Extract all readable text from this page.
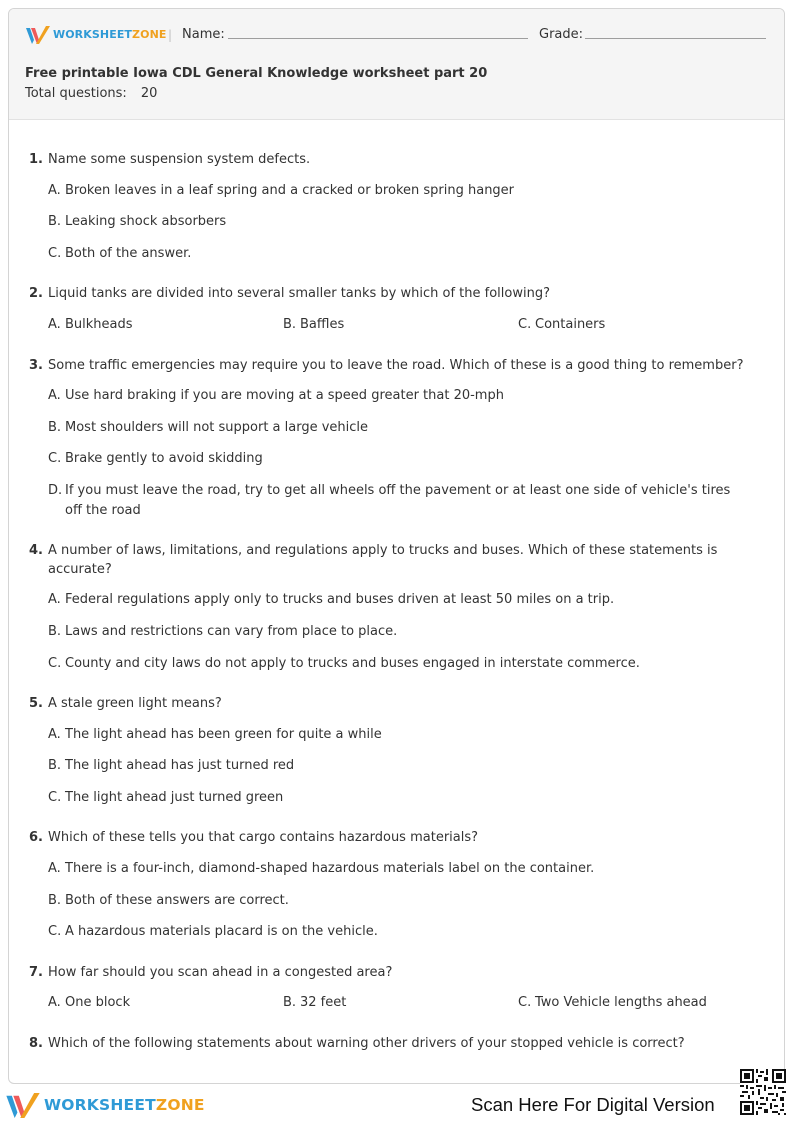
WORKSHEETZONE | Name:	Grade:
Free printable Iowa CDL General Knowledge worksheet part 20
Total questions: 20
1. Name some suspension system defects.
A. Broken leaves in a leaf spring and a cracked or broken spring hanger
B. Leaking shock absorbers
C. Both of the answer.
2. Liquid tanks are divided into several smaller tanks by which of the following?
A. Bulkheads	B. Baffles	C. Containers
3. Some traffic emergencies may require you to leave the road. Which of these is a good thing to remember?
A. Use hard braking if you are moving at a speed greater that 20-mph
B. Most shoulders will not support a large vehicle
C. Brake gently to avoid skidding
D. If you must leave the road, try to get all wheels off the pavement or at least one side of vehicle's tires off the road
4. A number of laws, limitations, and regulations apply to trucks and buses. Which of these statements is accurate?
A. Federal regulations apply only to trucks and buses driven at least 50 miles on a trip.
B. Laws and restrictions can vary from place to place.
C. County and city laws do not apply to trucks and buses engaged in interstate commerce.
5. A stale green light means?
A. The light ahead has been green for quite a while
B. The light ahead has just turned red
C. The light ahead just turned green
6. Which of these tells you that cargo contains hazardous materials?
A. There is a four-inch, diamond-shaped hazardous materials label on the container.
B. Both of these answers are correct.
C. A hazardous materials placard is on the vehicle.
7. How far should you scan ahead in a congested area?
A. One block	B. 32 feet	C. Two Vehicle lengths ahead
8. Which of the following statements about warning other drivers of your stopped vehicle is correct?
WORKSHEETZONE	Scan Here For Digital Version
